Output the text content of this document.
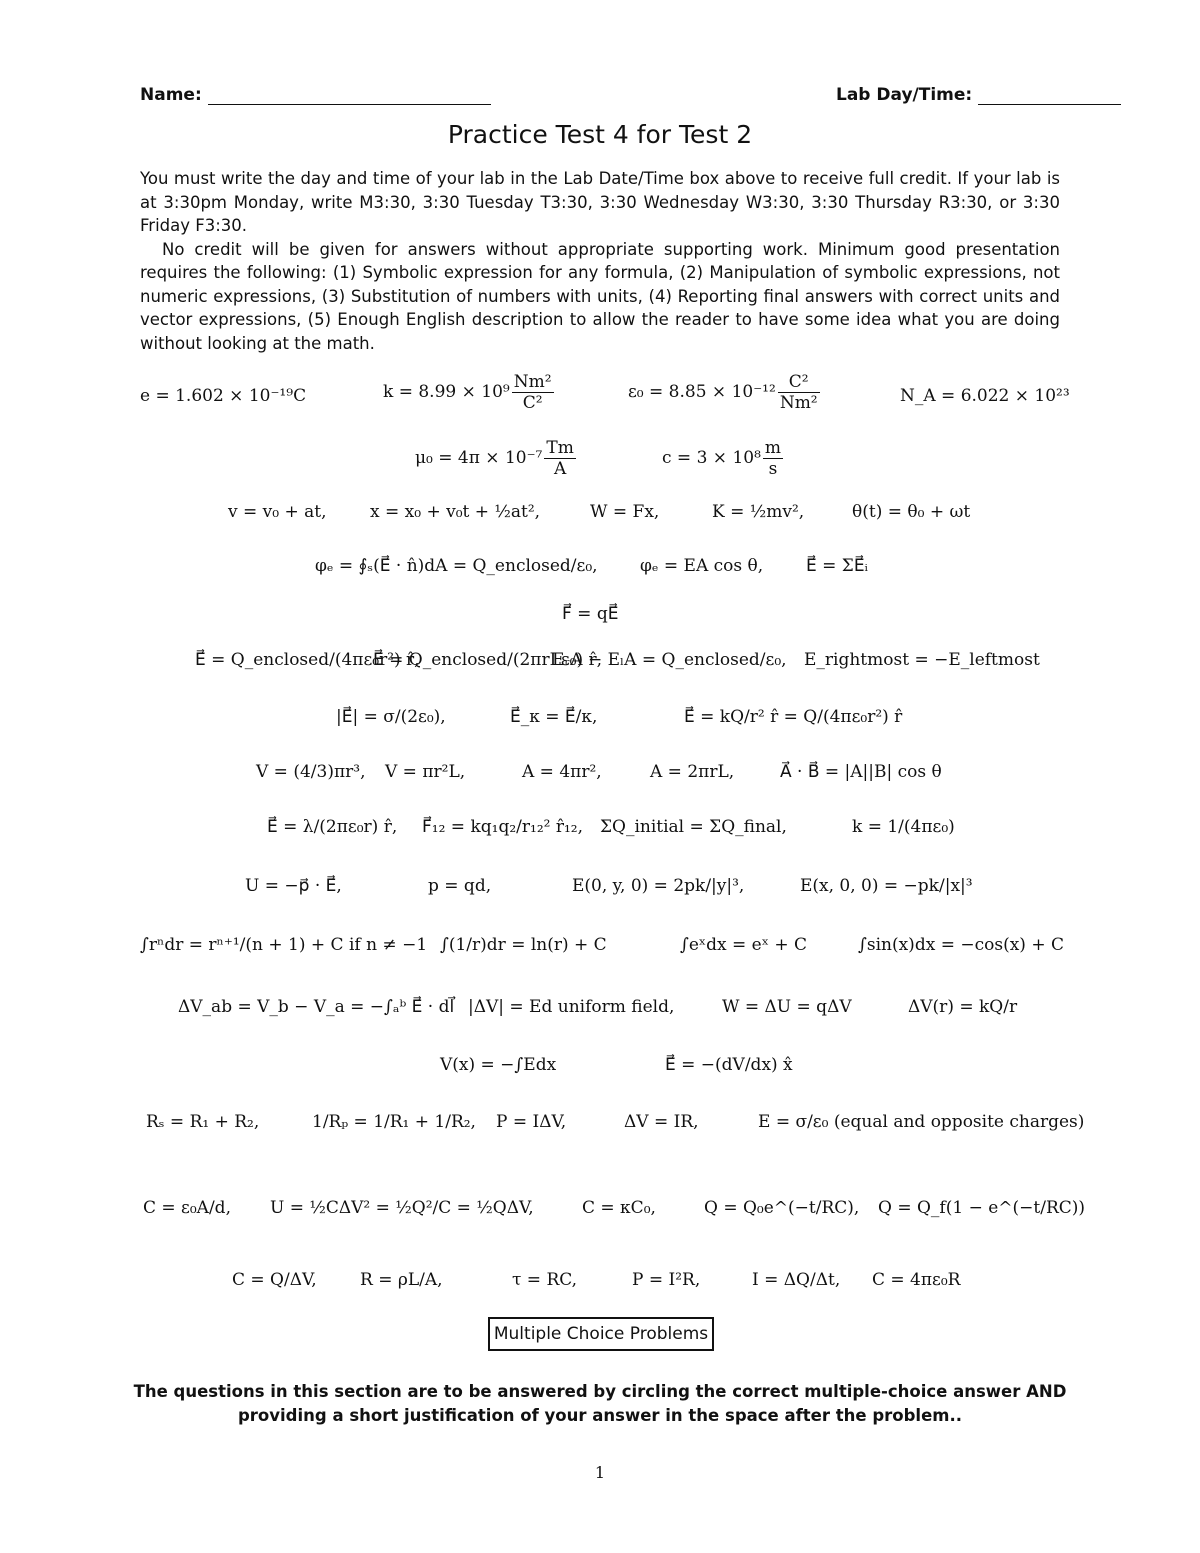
Name:	Lab Day/Time:
Practice Test 4 for Test 2

You must write the day and time of your lab in the Lab Date/Time box above to receive full credit. If your lab is at 3:30pm Monday, write M3:30, 3:30 Tuesday T3:30, 3:30 Wednesday W3:30, 3:30 Thursday R3:30, or 3:30 Friday F3:30.

No credit will be given for answers without appropriate supporting work. Minimum good presentation requires the following: (1) Symbolic expression for any formula, (2) Manipulation of symbolic expressions, not numeric expressions, (3) Substitution of numbers with units, (4) Reporting final answers with correct units and vector expressions, (5) Enough English description to allow the reader to have some idea what you are doing without looking at the math.

e = 1.602 × 10⁻¹⁹C	$k = 8.99 \times 10^9 \frac{\text{Nm²}}{\text{C²}}$	$\varepsilon_0 = 8.85 \times 10^{-12} \frac{\text{C²}}{\text{Nm²}}$	N_A = 6.022 × 10²³
$\mu_0 = 4\pi \times 10^{-7} \frac{Tm}{A}$	$c = 3 \times 10^8 \frac{m}{s}$
v = v₀ + at,	x = x₀ + v₀t + ½at²,	W = Fx,	K = ½mv²,	θ(t) = θ₀ + ωt
φₑ = ∮ₛ(E⃗ · n̂)dA = Q_enclosed/ε₀, φₑ = EA cos θ,	E⃗ = ΣE⃗ᵢ
F⃗ = qE⃗
E⃗ = Q_enclosed/(4πε₀r²) r̂,
E⃗ = Q_enclosed/(2πrLε₀) r̂,
EᵣA − EₗA = Q_enclosed/ε₀, E_rightmost = −E_leftmost
|E⃗| = σ/(2ε₀),	E⃗_κ = E⃗/κ,	E⃗ = kQ/r² r̂ = Q/(4πε₀r²) r̂
V = (4/3)πr³, V = πr²L,	A = 4πr²,	A = 2πrL,	A⃗ · B⃗ = |A||B| cos θ
E⃗ = λ/(2πε₀r) r̂, F⃗₁₂ = kq₁q₂/r₁₂² r̂₁₂, ΣQ_initial = ΣQ_final,	k = 1/(4πε₀)
U = −p⃗ · E⃗,	p = qd,	E(0, y, 0) = 2pk/|y|³,	E(x, 0, 0) = −pk/|x|³
∫rⁿdr = rⁿ⁺¹/(n + 1) + C if n ≠ −1 ∫(1/r)dr = ln(r) + C	∫eˣdx = eˣ + C	∫sin(x)dx = −cos(x) + C
ΔV_ab = V_b − V_a = −∫ₐᵇ E⃗ · dl⃗ |ΔV| = Ed uniform field,	W = ΔU = qΔV	ΔV(r) = kQ/r
V(x) = −∫Edx	E⃗ = −(dV/dx) x̂
Rₛ = R₁ + R₂,	1/Rₚ = 1/R₁ + 1/R₂, P = IΔV,	ΔV = IR,	E = σ/ε₀ (equal and opposite charges)
C = ε₀A/d, U = ½CΔV² = ½Q²/C = ½QΔV,	C = κC₀,	Q = Q₀e^(−t/RC), Q = Q_f(1 − e^(−t/RC))
C = Q/ΔV,	R = ρL/A,	τ = RC,	P = I²R,	I = ΔQ/Δt, C = 4πε₀R
Multiple Choice Problems
The questions in this section are to be answered by circling the correct multiple-choice answer AND providing a short justification of your answer in the space after the problem..
1
